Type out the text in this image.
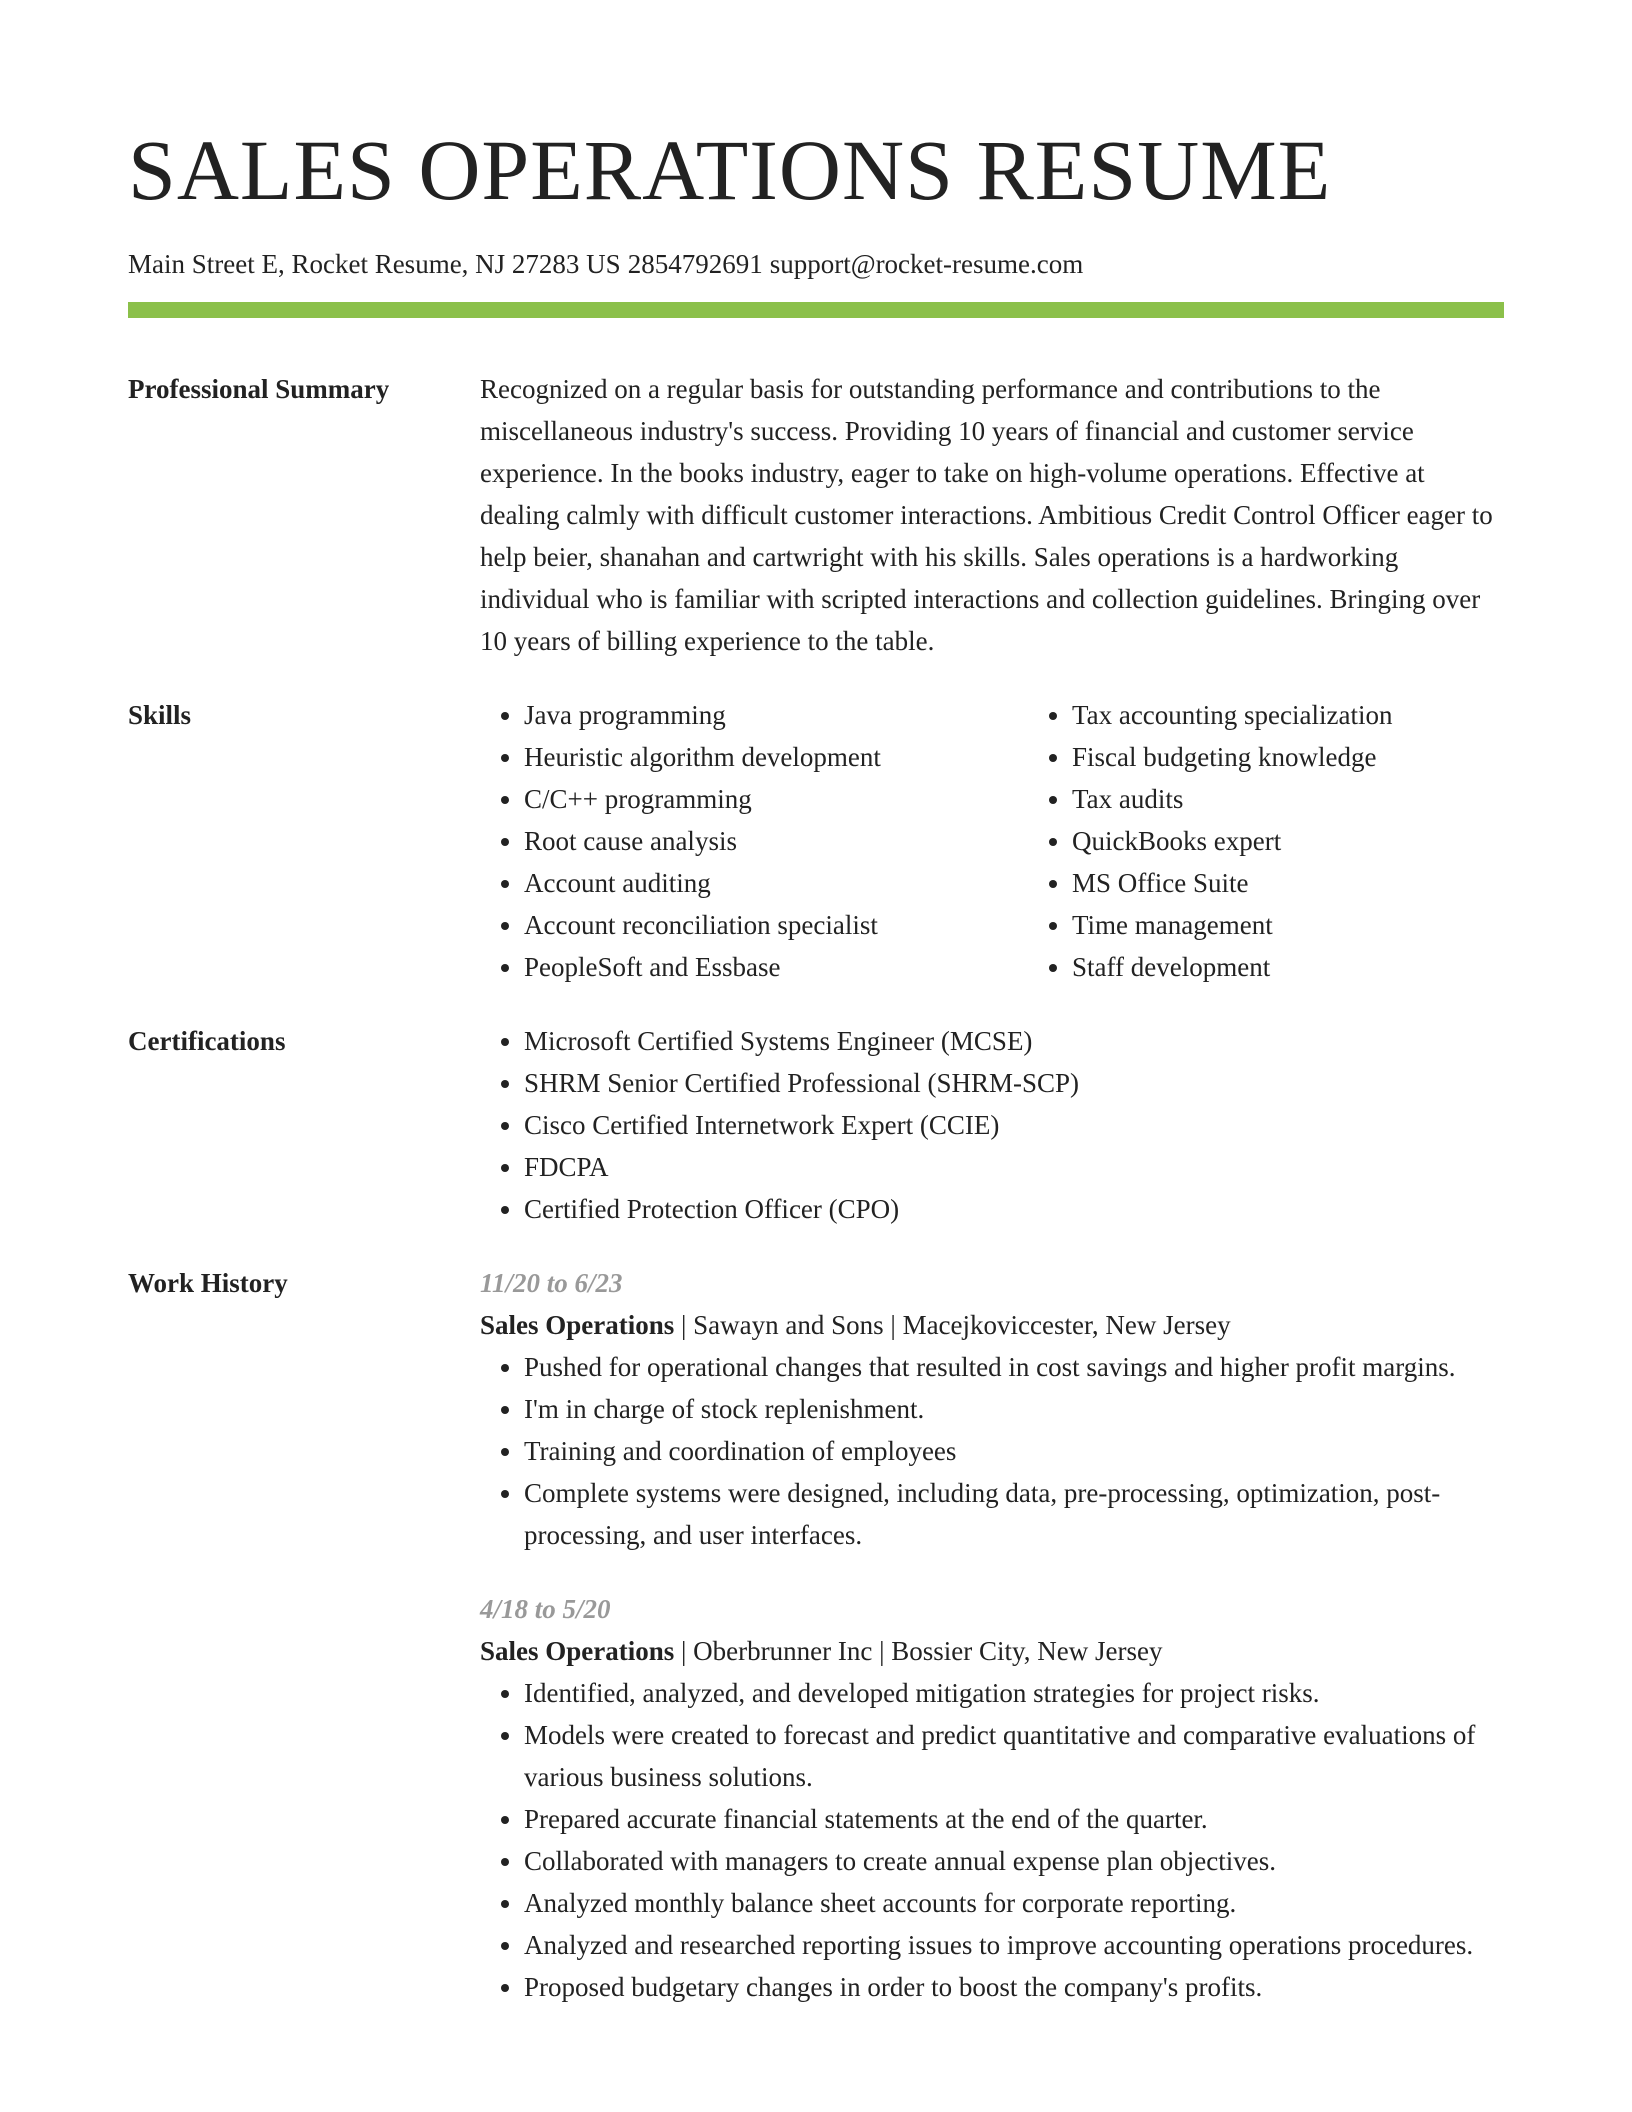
SALES OPERATIONS RESUME
Main Street E, Rocket Resume, NJ 27283 US 2854792691 support@rocket-resume.com
Professional Summary	Recognized on a regular basis for outstanding performance and contributions to the miscellaneous industry's success. Providing 10 years of financial and customer service experience. In the books industry, eager to take on high-volume operations. Effective at dealing calmly with difficult customer interactions. Ambitious Credit Control Officer eager to help beier, shanahan and cartwright with his skills. Sales operations is a hardworking individual who is familiar with scripted interactions and collection guidelines. Bringing over 10 years of billing experience to the table.

Skills	• Java programming
• Heuristic algorithm development
• C/C++ programming
• Root cause analysis
• Account auditing
• Account reconciliation specialist
• PeopleSoft and Essbase
• Tax accounting specialization
• Fiscal budgeting knowledge
• Tax audits
• QuickBooks expert
• MS Office Suite
• Time management
• Staff development
Certifications	• Microsoft Certified Systems Engineer (MCSE)
• SHRM Senior Certified Professional (SHRM-SCP)
• Cisco Certified Internetwork Expert (CCIE)
• FDCPA
• Certified Protection Officer (CPO)
Work History	11/20 to 6/23
Sales Operations | Sawayn and Sons | Macejkoviccester, New Jersey
• Pushed for operational changes that resulted in cost savings and higher profit margins.
• I'm in charge of stock replenishment.
• Training and coordination of employees
• Complete systems were designed, including data, pre-processing, optimization, post-processing, and user interfaces.
4/18 to 5/20
Sales Operations | Oberbrunner Inc | Bossier City, New Jersey
• Identified, analyzed, and developed mitigation strategies for project risks.
• Models were created to forecast and predict quantitative and comparative evaluations of various business solutions.
• Prepared accurate financial statements at the end of the quarter.
• Collaborated with managers to create annual expense plan objectives.
• Analyzed monthly balance sheet accounts for corporate reporting.
• Analyzed and researched reporting issues to improve accounting operations procedures.
• Proposed budgetary changes in order to boost the company's profits.
